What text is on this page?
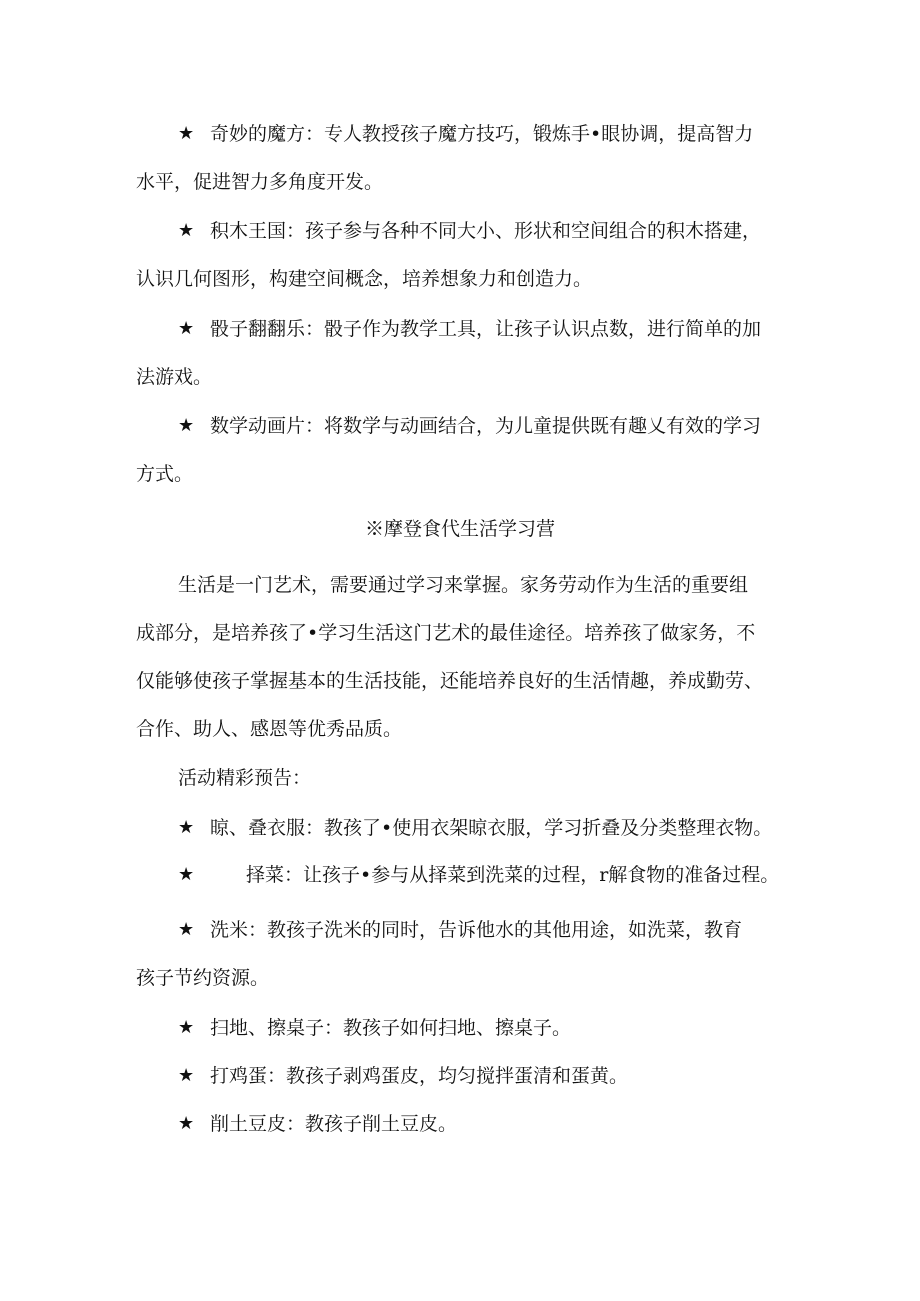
★ 奇妙的魔方：专人教授孩子魔方技巧，锻炼手•眼协调，提高智力
水平，促进智力多角度开发。
★ 积木王国：孩子参与各种不同大小、形状和空间组合的积木搭建，
认识几何图形，构建空间概念，培养想象力和创造力。
★ 骰子翻翻乐：骰子作为教学工具，让孩子认识点数，进行简单的加
法游戏。
★ 数学动画片：将数学与动画结合，为儿童提供既有趣乂有效的学习
方式。
※摩登食代生活学习营
生活是一门艺术，需要通过学习来掌握。家务劳动作为生活的重要组
成部分，是培养孩了•学习生活这门艺术的最佳途径。培养孩了做家务，不
仅能够使孩子掌握基本的生活技能，还能培养良好的生活情趣，养成勤劳、
合作、助人、感恩等优秀品质。
活动精彩预告：
★ 晾、叠衣服：教孩了•使用衣架晾衣服，学习折叠及分类整理衣物。
★	择菜：让孩子•参与从择菜到洗菜的过程，r解食物的准备过程。
★ 洗米：教孩子洗米的同时，告诉他水的其他用途，如洗菜，教育
孩子节约资源。
★ 扫地、擦桌子：教孩子如何扫地、擦桌子。
★ 打鸡蛋：教孩子剥鸡蛋皮，均匀搅拌蛋清和蛋黄。
★ 削土豆皮：教孩子削土豆皮。
